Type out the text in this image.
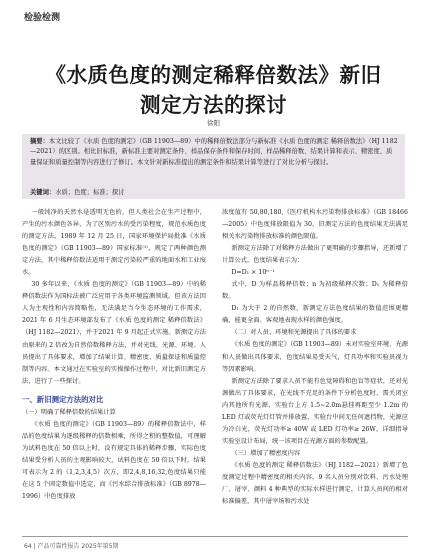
检验检测
《水质色度的测定稀释倍数法》新旧
测定方法的探讨
徐阳
摘要：本文比较了《水质 色度的测定》（GB 11903—89）中的稀释倍数法部分与新标准《水质 色度的测定 稀释倍数法》（HJ 1182—2021）的区别。相比旧标准，新标准主要对测定条件、样品保存条件和保存时间、样品稀释倍数、结果计算和表示、精密度、质量保证和质量控制等内容进行了修订。本文针对新标准提出的测定条件和结果计算等进行了对比分析与探讨。
关键词：水质；色度；标准；探讨

一般纯净的天然水是透明无色的，但人类社会在生产过程中，产生的污水颜色各异，为了区别污水的受污染程度，规范水质色度的测定方法，1989 年 12 月 25 日，国家环境保护局批准《水质 色度的测定》（GB 11903—89）国家标准⁽¹⁾，规定了两种颜色测定方法，其中稀释倍数法适用于测定污染较严重的地面水和工业废水。

30 多年以来，《水质 色度的测定》（GB 11903—89）中的稀释倍数法作为国标法被广泛应用于各类环境监测领域。但该方法因人为主观性和内容简略性，无法满足当今生态环境的工作需求，2021 年 6 月生态环境部发布了《水质 色度的测定 稀释倍数法》（HJ 1182—2021），并于2021 年 9 月起正式实施。新测定方法由原来的 2 倍改为自然倍数稀释方法，并对光线、光源、环境、人员提出了具体要求，增加了结果计算、精密度、质量保证和质量控制等内容。本文通过在实验室的实操操作过程中，对比新旧测定方法，进行了一些探讨。

一、新旧测定方法的对比

（一）明确了稀释倍数的结果计算

《水质 色度的测定》（GB 11903—89）的稀释倍数法中，样品的色度结果为逐级稀释的倍数相乘，所得之积的整数值，可理解为试料色度在 50 倍以上时，没有规定具体的稀释步骤，实际色度结果受分析人员的主观影响较大，试料色度在 50 倍以下时，结果可表示为 2 的（1,2,3,4,5）次方，即2,4,8,16,32,色度结果只能在这 5 个固定数值中选定，而《污水综合排放标准》（GB 8978—1996）中色度排放

浓度值有 50,80,180,《医疗机构水污染物排放标准》（GB 18466—2005）中色度排放限值为 30，旧测定方法的色度结果无法满足相关水污染物排放标准的颜色限值。

新测定方法除了对稀释方法做出了更明确的步骤指导，还新增了计算公式，色度结果表示为：

D=D₁ × 10ⁿ⁻¹

式中，D 为样品稀释倍数；n 为初级稀释次数；D₁ 为稀释倍数。

D₁ 为大于 2 的自然数，新测定方法色度结果的数值范围更精确，能更全面、客观地表现水样的颜色强度。

（二）对人员、环境和光源提出了具体的要求

《水质 色度的测定》（GB 11903—89）未对实验室环境、光源和人员做出具体要求，色度结果易受天气，灯具功率和实验员视力等因素影响。

新测定方法除了要求人员不能有色觉障碍和色盲等症状，还对光源做出了具体要求，在光线不充足的条件下分析色度时，需关闭室内其他所有光源，实验台上方 1.5~2.0m悬挂再距至少 1.2m 的 LED 灯或荧光灯灯管并排放置，实验台中间无任何遮挡物，光源应为冷白光，荧光灯功率≥ 40W 或 LED 灯功率≥ 26W，详细指导实验室设计布局，统一该项目在光源方面的参数配置。

（三）增加了精密度内容

《水质 色度的测定 稀释倍数法》（HJ 1182—2021）新增了色度测定过程中精密度的相关内容，9 名人员分别对饮料、污水处理厂、屠宰、颜料 4 种典型的实际水样进行测定，计算人员间的相对标准偏差，其中屠宰场和污水处

64 | 产品可靠性报告 2025年第5期
